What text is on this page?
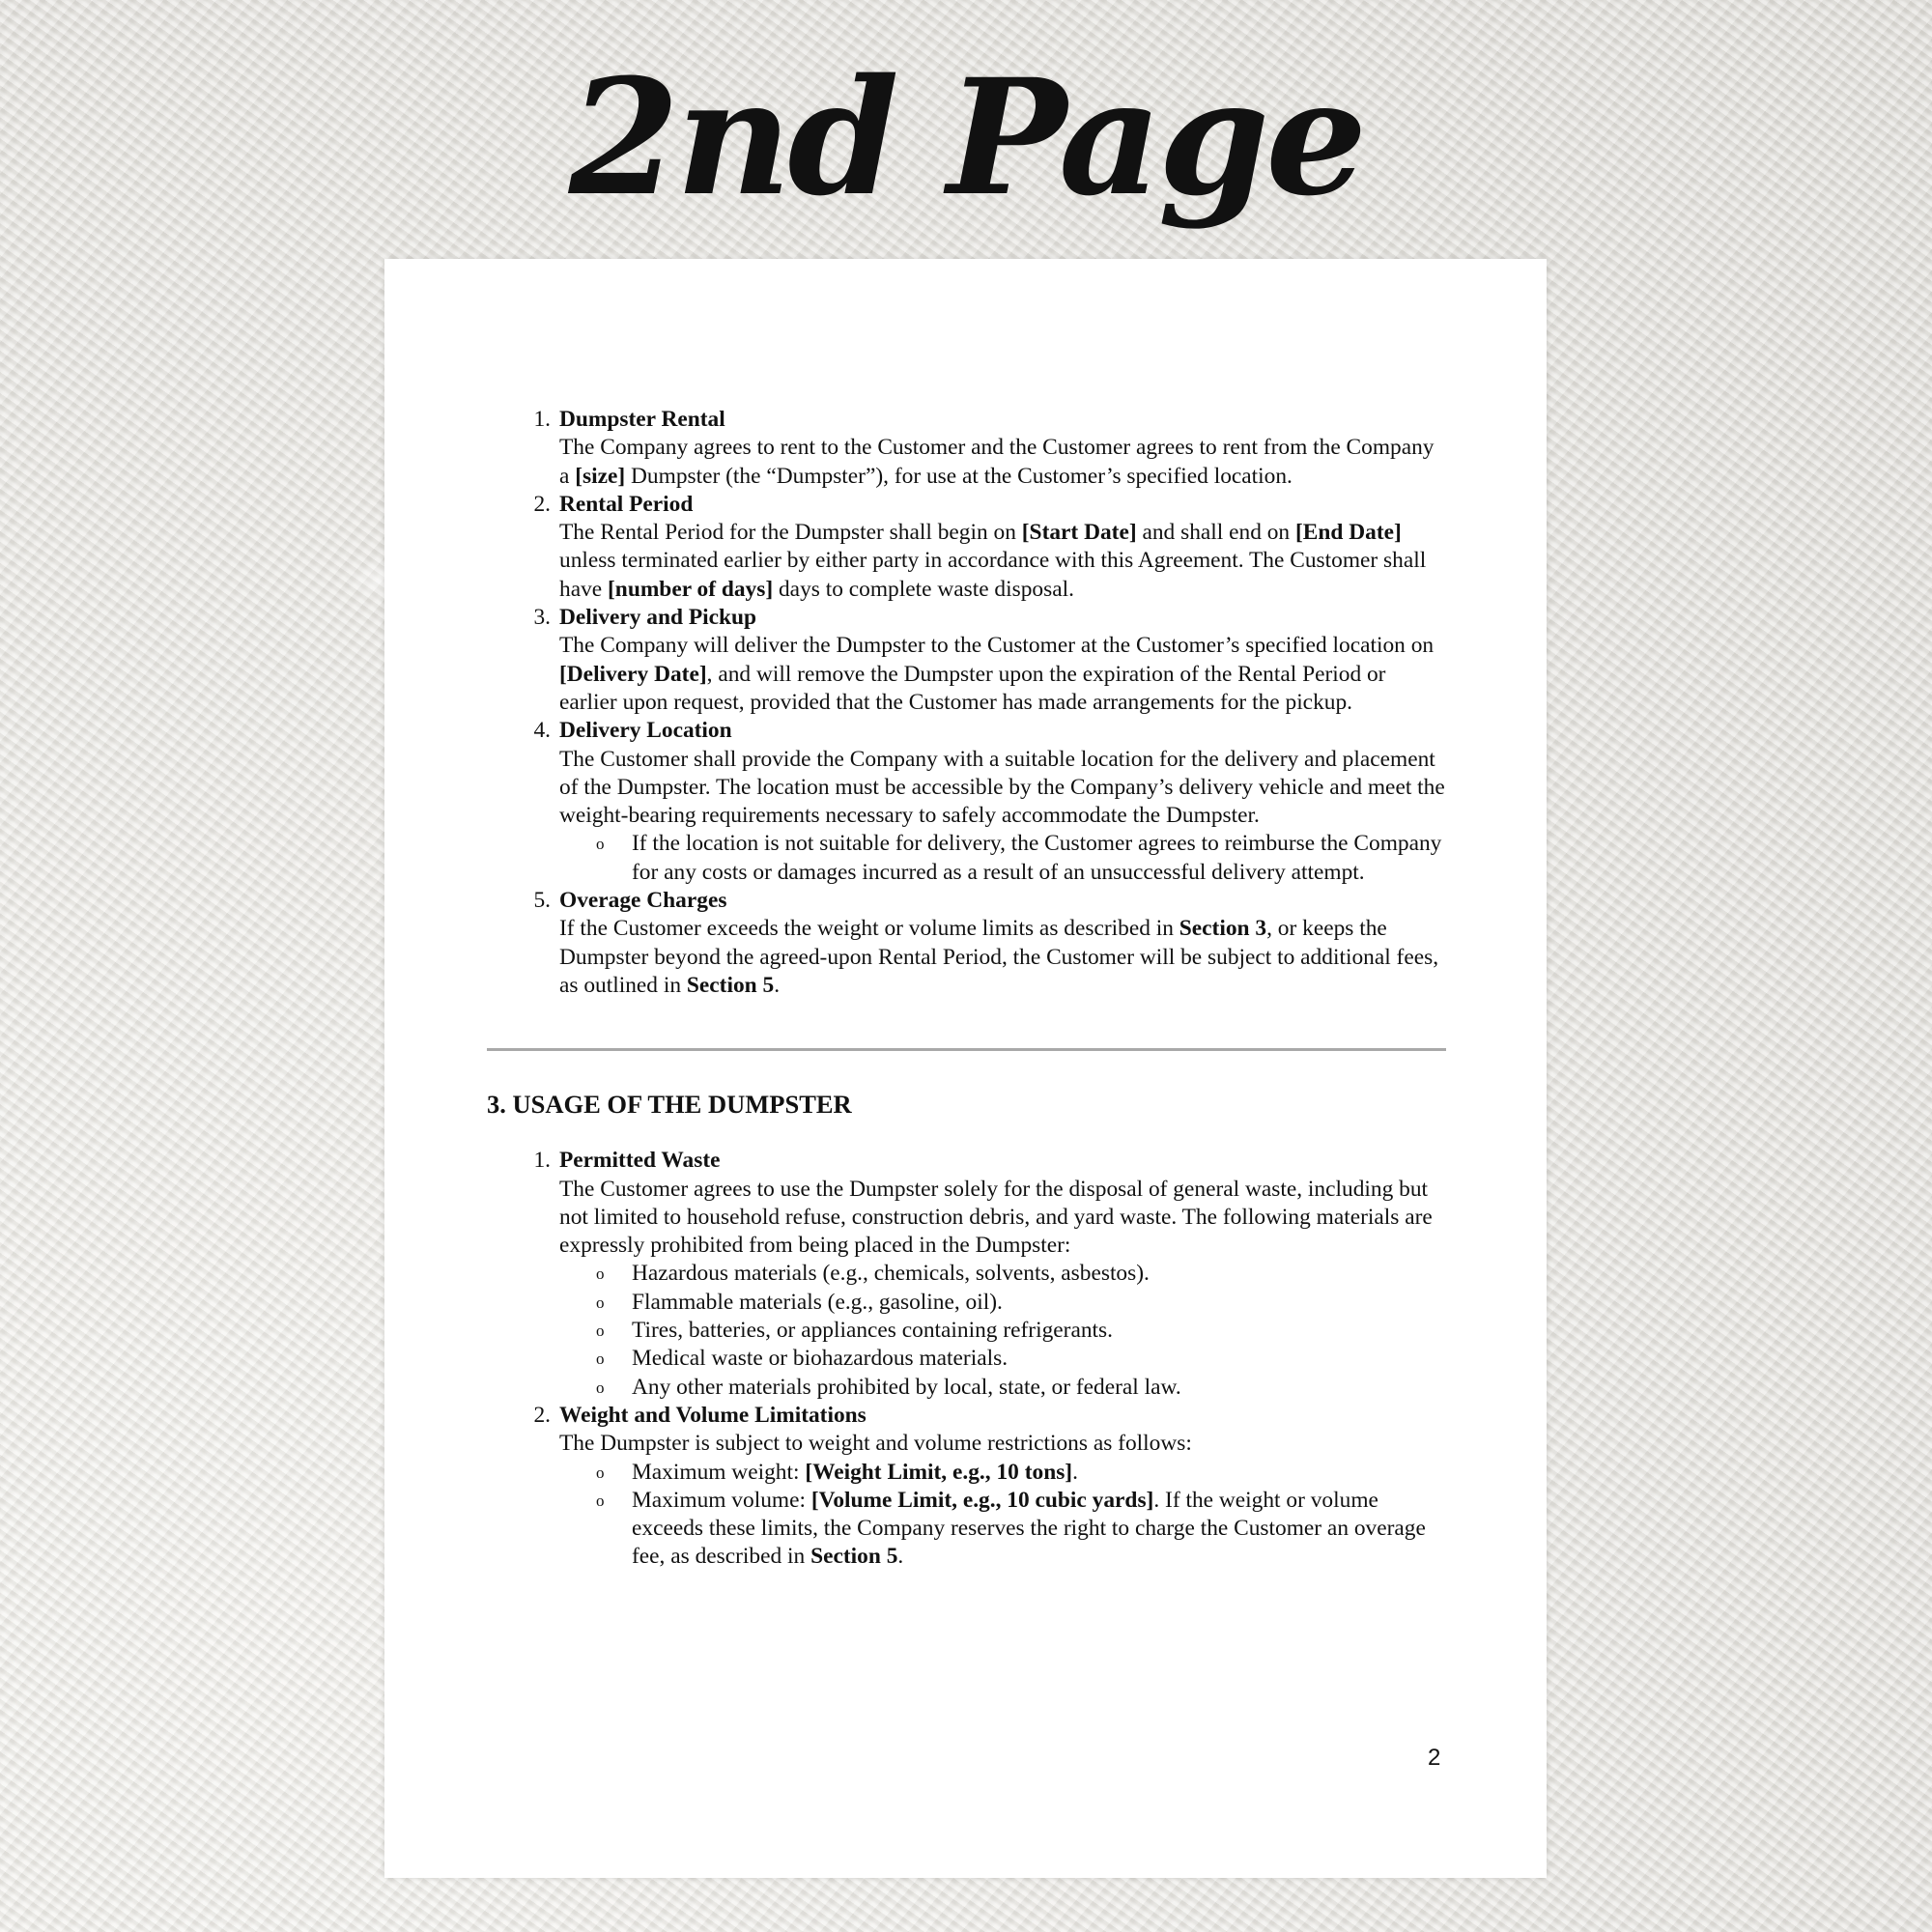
2nd Page
1. Dumpster Rental
The Company agrees to rent to the Customer and the Customer agrees to rent from the Company a [size] Dumpster (the “Dumpster”), for use at the Customer’s specified location.
2. Rental Period
The Rental Period for the Dumpster shall begin on [Start Date] and shall end on [End Date] unless terminated earlier by either party in accordance with this Agreement. The Customer shall have [number of days] days to complete waste disposal.
3. Delivery and Pickup
The Company will deliver the Dumpster to the Customer at the Customer’s specified location on [Delivery Date], and will remove the Dumpster upon the expiration of the Rental Period or earlier upon request, provided that the Customer has made arrangements for the pickup.
4. Delivery Location
The Customer shall provide the Company with a suitable location for the delivery and placement of the Dumpster. The location must be accessible by the Company’s delivery vehicle and meet the weight-bearing requirements necessary to safely accommodate the Dumpster.
o If the location is not suitable for delivery, the Customer agrees to reimburse the Company for any costs or damages incurred as a result of an unsuccessful delivery attempt.
5. Overage Charges
If the Customer exceeds the weight or volume limits as described in Section 3, or keeps the Dumpster beyond the agreed-upon Rental Period, the Customer will be subject to additional fees, as outlined in Section 5.
3. USAGE OF THE DUMPSTER
1. Permitted Waste
The Customer agrees to use the Dumpster solely for the disposal of general waste, including but not limited to household refuse, construction debris, and yard waste. The following materials are expressly prohibited from being placed in the Dumpster:
o Hazardous materials (e.g., chemicals, solvents, asbestos).
o Flammable materials (e.g., gasoline, oil).
o Tires, batteries, or appliances containing refrigerants.
o Medical waste or biohazardous materials.
o Any other materials prohibited by local, state, or federal law.
2. Weight and Volume Limitations
The Dumpster is subject to weight and volume restrictions as follows:
o Maximum weight: [Weight Limit, e.g., 10 tons].
o Maximum volume: [Volume Limit, e.g., 10 cubic yards]. If the weight or volume exceeds these limits, the Company reserves the right to charge the Customer an overage fee, as described in Section 5.
2
